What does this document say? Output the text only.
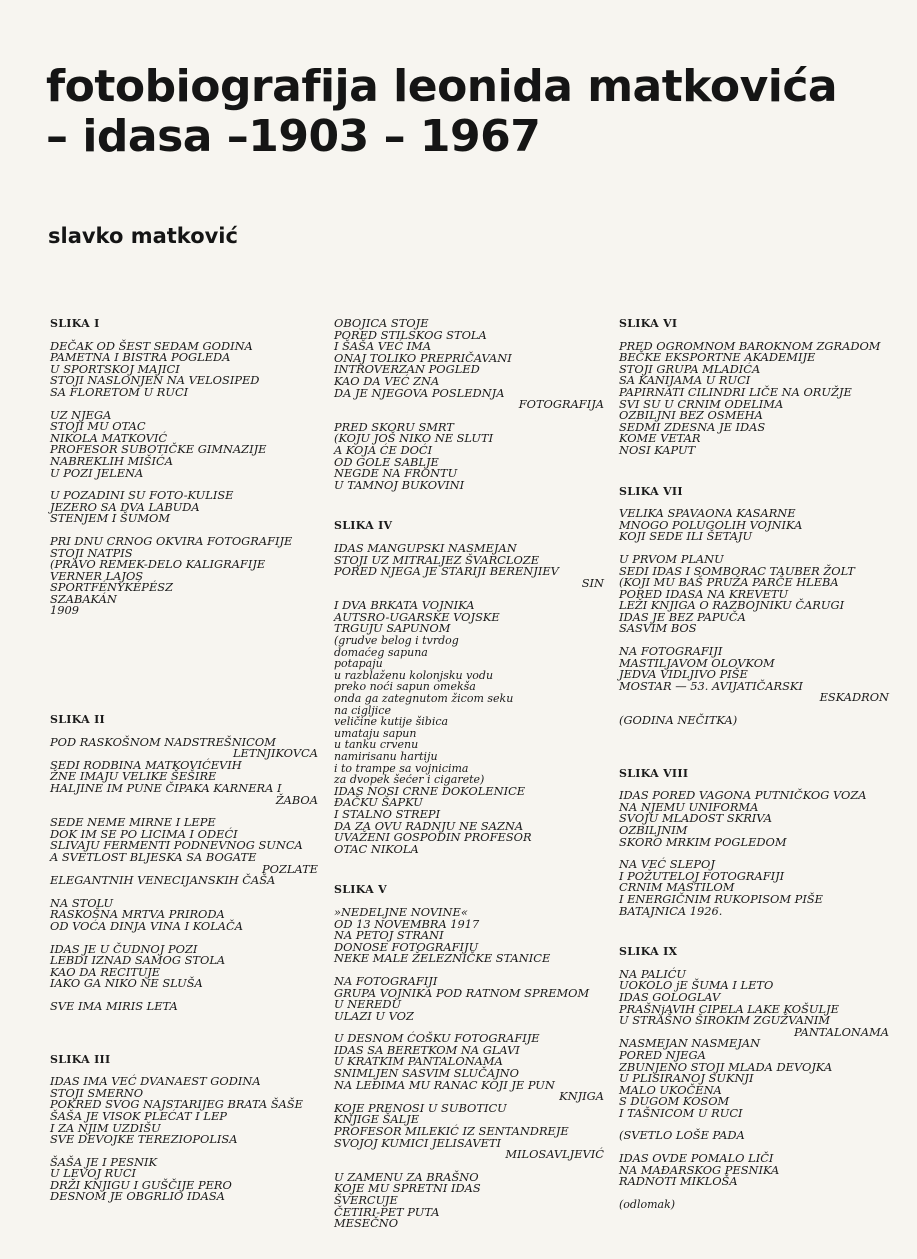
fotobiografija leonida matkovića
– idasa –1903 – 1967
slavko matković
SLIKA I
DEČAK OD ŠEST SEDAM GODINA
PAMETNA I BISTRA POGLEDA
U SPORTSKOJ MAJICI
STOJI NASLONJEN NA VELOSIPED
SA FLORETOM U RUCI
UZ NJEGA
STOJI MU OTAC
NIKOLA MATKOVIĆ
PROFESOR SUBOTIČKE GIMNAZIJE
NABREKLIH MIŠIĆA
U POZI JELENA
U POZADINI SU FOTO-KULISE
JEZERO SA DVA LABUDA
STENJEM I ŠUMOM
PRI DNU CRNOG OKVIRA FOTOGRAFIJE
STOJI NATPIS
(PRAVO REMEK-DELO KALIGRAFIJE
VERNER LAJOS
SPORTFÉNYKÉPÉSZ
SZABAKÁN
1909
SLIKA II
POD RASKOŠNOM NADSTREŠNICOM
LETNJIKOVCA
SEDI RODBINA MATKOVIĆEVIH
ŽNE IMAJU VELIKE ŠEŠIRE
HALJINE IM PUNE ČIPAKA KARNERA I
ŽABOA
SEDE NEME MIRNE I LEPE
DOK IM SE PO LICIMA I ODEĆI
SLIVAJU FERMENTI PODNEVNOG SUNCA
A SVETLOST BLJESKA SA BOGATE
POZLATE
ELEGANTNIH VENECIJANSKIH ČAŠA
NA STOLU
RASKOŠNA MRTVA PRIRODA
OD VOĆA DINJA VINA I KOLAČA
IDAS JE U ČUDNOJ POZI
LEBDI IZNAD SAMOG STOLA
KAO DA RECITUJE
IAKO GA NIKO NE SLUŠA
SVE IMA MIRIS LETA
SLIKA III
IDAS IMA VEĆ DVANAEST GODINA
STOJI SMERNO
POKRED SVOG NAJSTARIJEG BRATA ŠAŠE
ŠAŠA JE VISOK PLEĆAT I LEP
I ZA NJIM UZDIŠU
SVE DEVOJKE TEREZIOPOLISA
ŠAŠA JE I PESNIK
U LEVOJ RUCI
DRŽI KNJIGU I GUŠČIJE PERO
DESNOM JE OBGRLIO IDASA
OBOJICA STOJE
PORED STILSKOG STOLA
I ŠAŠA VEĆ IMA
ONAJ TOLIKO PREPRIČAVANI
INTROVERZAN POGLED
KAO DA VEĆ ZNA
DA JE NJEGOVA POSLEDNJA
FOTOGRAFIJA
PRED SKORU SMRT
(KOJU JOŠ NIKO NE SLUTI
A KOJA ĆE DOĆI
OD GOLE SABLJE
NEGDE NA FRONTU
U TAMNOJ BUKOVINI
SLIKA IV
IDAS MANGUPSKI NASMEJAN
STOJI UZ MITRALJEZ ŠVARCLOZE
PORED NJEGA JE STARIJI BERENJIEV
SIN
I DVA BRKATA VOJNIKA
AUTSRO-UGARSKE VOJSKE
TRGUJU SAPUNOM
(grudve belog i tvrdog
domaćeg sapuna
potapaju
u razblaženu kolonjsku vodu
preko noći sapun omekša
onda ga zategnutom žicom seku
na cigljice
veličine kutije šibica
umataju sapun
u tanku crvenu
namirisanu hartiju
i to trampe sa vojnicima
za dvopek šećer i cigarete)
IDAS NOSI CRNE DOKOLENICE
ĐAČKU ŠAPKU
I STALNO STREPI
DA ZA OVU RADNJU NE SAZNA
UVAŽENI GOSPODIN PROFESOR
OTAC NIKOLA
SLIKA V
»NEDELJNE NOVINE«
OD 13 NOVEMBRA 1917
NA PETOJ STRANI
DONOSE FOTOGRAFIJU
NEKE MALE ŽELEZNIČKE STANICE
NA FOTOGRAFIJI
GRUPA VOJNIKA POD RATNOM SPREMOM
U NEREDU
ULAZI U VOZ
U DESNOM ĆOŠKU FOTOGRAFIJE
IDAS SA BERETKOM NA GLAVI
U KRATKIM PANTALONAMA
SNIMLJEN SASVIM SLUČAJNO
NA LEĐIMA MU RANAC KOJI JE PUN
KNJIGA
KOJE PRENOSI U SUBOTICU
KNJIGE ŠALJE
PROFESOR MILEKIĆ IZ SENTANDREJE
SVOJOJ KUMICI JELISAVETI
MILOSAVLJEVIĆ
U ZAMENU ZA BRAŠNO
KOJE MU SPRETNI IDAS
ŠVERCUJE
ČETIRI-PET PUTA
MESEČNO
SLIKA VI
PRED OGROMNOM BAROKNOM ZGRADOM
BEČKE EKSPORTNE AKADEMIJE
STOJI GRUPA MLADIĆA
SA KANIJAMA U RUCI
PAPIRNATI CILINDRI LIČE NA ORUŽJE
SVI SU U CRNIM ODELIMA
OZBILJNI BEZ OSMEHA
SEDMI ZDESNA JE IDAS
KOME VETAR
NOSI KAPUT
SLIKA VII
VELIKA SPAVAONA KASARNE
MNOGO POLUGOLIH VOJNIKA
KOJI SEDE ILI ŠETAJU
U PRVOM PLANU
SEDI IDAS I SOMBORAC TAUBER ŽOLT
(KOJI MU BAŠ PRUŽA PARČE HLEBA
PORED IDASA NA KREVETU
LEŽI KNJIGA O RAZBOJNIKU ČARUGI
IDAS JE BEZ PAPUČA
SASVIM BOS
NA FOTOGRAFIJI
MASTILJAVOM OLOVKOM
JEDVA VIDLJIVO PIŠE
MOSTAR — 53. AVIJATIČARSKI
ESKADRON
(GODINA NEČITKA)
SLIKA VIII
IDAS PORED VAGONA PUTNIČKOG VOZA
NA NJEMU UNIFORMA
SVOJU MLADOST SKRIVA
OZBILJNIM
SKORO MRKIM POGLEDOM
NA VEĆ SLEPOJ
I POŽUTELOJ FOTOGRAFIJI
CRNIM MASTILOM
I ENERGIČNIM RUKOPISOM PIŠE
BATAJNICA 1926.
SLIKA IX
NA PALIĆU
UOKOLO jE ŠUMA I LETO
IDAS GOLOGLAV
PRAŠNjAVIH CIPELA LAKE KOŠULJE
U STRAŠNO ŠIROKIM ZGUŽVANIM
PANTALONAMA
NASMEJAN NASMEJAN
PORED NJEGA
ZBUNJENO STOJI MLADA DEVOJKA
U PLISIRANOJ SUKNJI
MALO UKOČENA
S DUGOM KOSOM
I TAŠNICOM U RUCI
(SVETLO LOŠE PADA
IDAS OVDE POMALO LIČI
NA MAĐARSKOG PESNIKA
RADNOTI MIKLOŠA
(odlomak)
